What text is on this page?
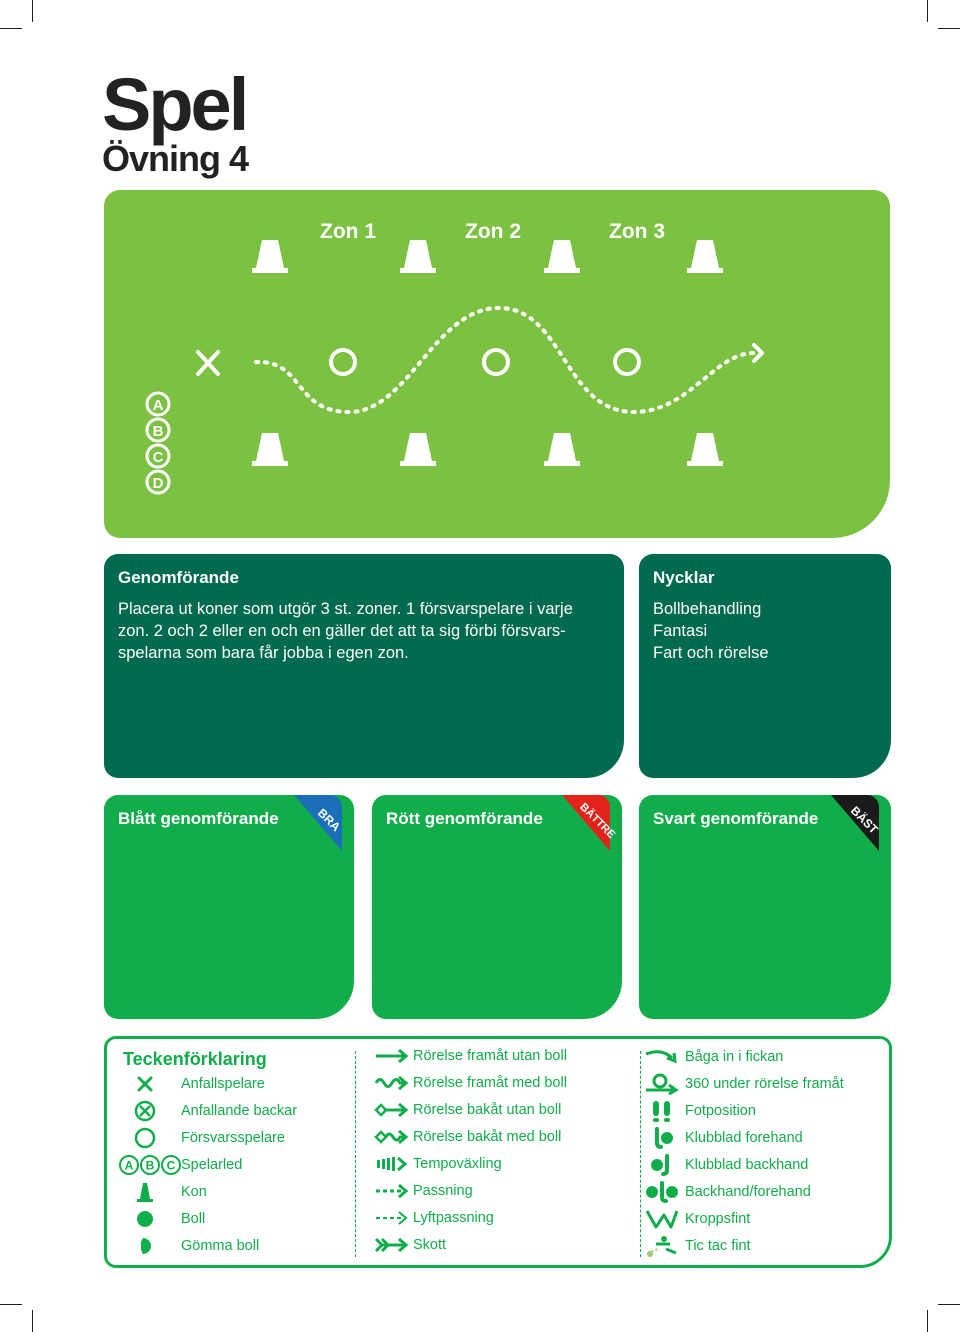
Spel
Övning 4
A
B
C
D
Zon 1	Zon 2	Zon 3
Genomförande
Placera ut koner som utgör 3 st. zoner. 1 försvarspelare i varje
zon. 2 och 2 eller en och en gäller det att ta sig förbi försvars-
spelarna som bara får jobba i egen zon.
Nycklar
Bollbehandling
Fantasi
Fart och rörelse
Blått genomförande	BRA	Rött genomförande	BÄTTRE Svart genomförande	BÄST
Teckenförklaring
Anfallspelare
Anfallande backar
Försvarsspelare
A B C Spelarled
Kon
Boll
Gömma boll
Rörelse framåt utan boll
Rörelse framåt med boll
Rörelse bakåt utan boll
Rörelse bakåt med boll
Tempoväxling
Passning
Lyftpassning
Skott
Båga in i fickan
360 under rörelse framåt
Fotposition
Klubblad forehand
Klubblad backhand
Backhand/forehand
Kroppsfint
Tic tac fint
